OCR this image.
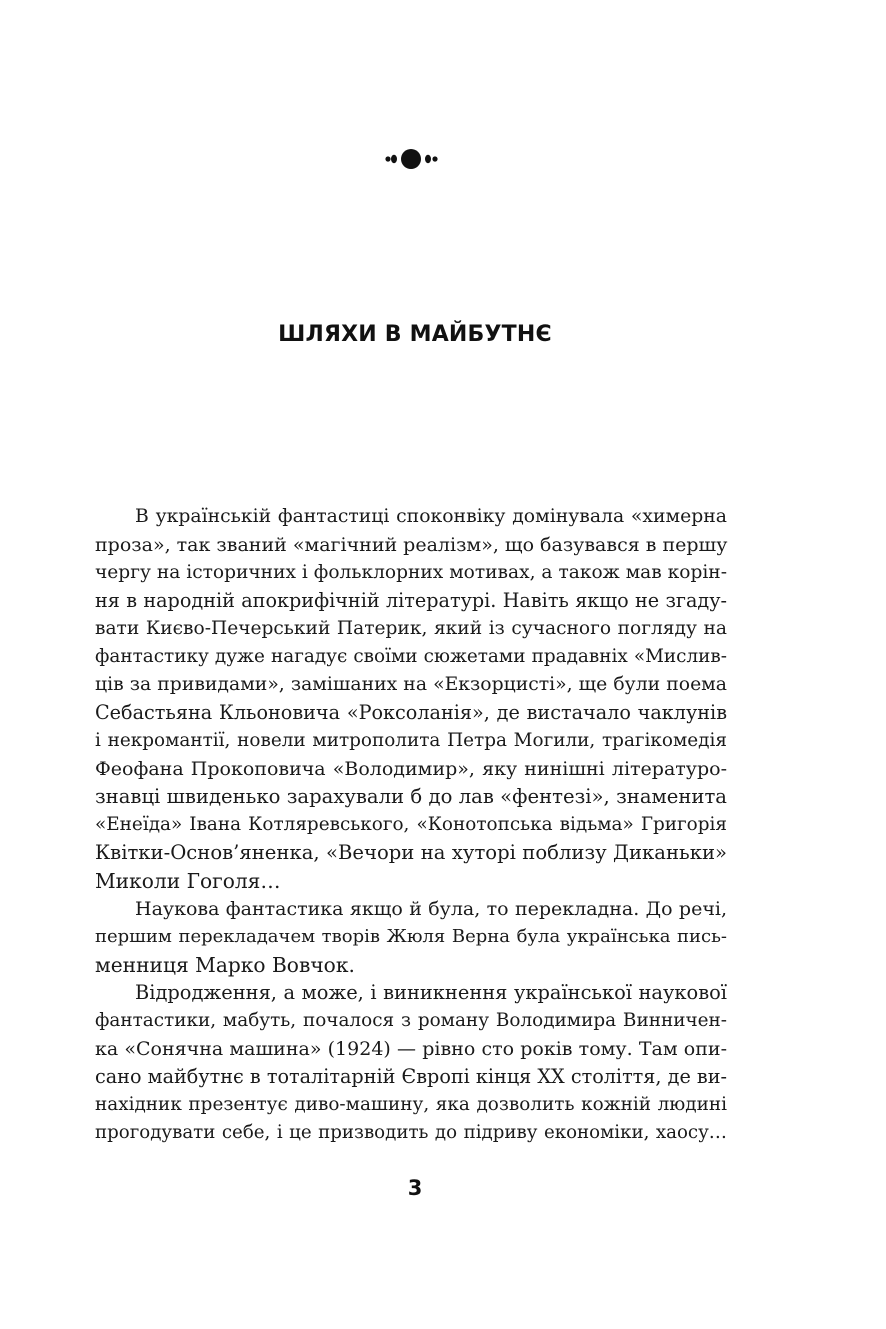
ШЛЯХИ В МАЙБУТНЄ
В українській фантастиці споконвіку домінувала «химерна
проза», так званий «магічний реалізм», що базувався в першу
чергу на історичних і фольклорних мотивах, а також мав корін-
ня в народній апокрифічній літературі. Навіть якщо не згаду-
вати Києво-Печерський Патерик, який із сучасного погляду на
фантастику дуже нагадує своїми сюжетами прадавніх «Мислив-
ців за привидами», замішаних на «Екзорцисті», ще були поема
Себастьяна Кльоновича «Роксоланія», де вистачало чаклунів
і некромантії, новели митрополита Петра Могили, трагікомедія
Феофана Прокоповича «Володимир», яку нинішні літературо-
знавці швиденько зарахували б до лав «фентезі», знаменита
«Енеїда» Івана Котляревського, «Конотопська відьма» Григорія
Квітки-Основ’яненка, «Вечори на хуторі поблизу Диканьки»
Миколи Гоголя…
Наукова фантастика якщо й була, то перекладна. До речі,
першим перекладачем творів Жюля Верна була українська пись-
менниця Марко Вовчок.
Відродження, а може, і виникнення української наукової
фантастики, мабуть, почалося з роману Володимира Винничен-
ка «Сонячна машина» (1924) — рівно сто років тому. Там опи-
сано майбутнє в тоталітарній Європі кінця XX століття, де ви-
нахідник презентує диво-машину, яка дозволить кожній людині
прогодувати себе, і це призводить до підриву економіки, хаосу…
3
